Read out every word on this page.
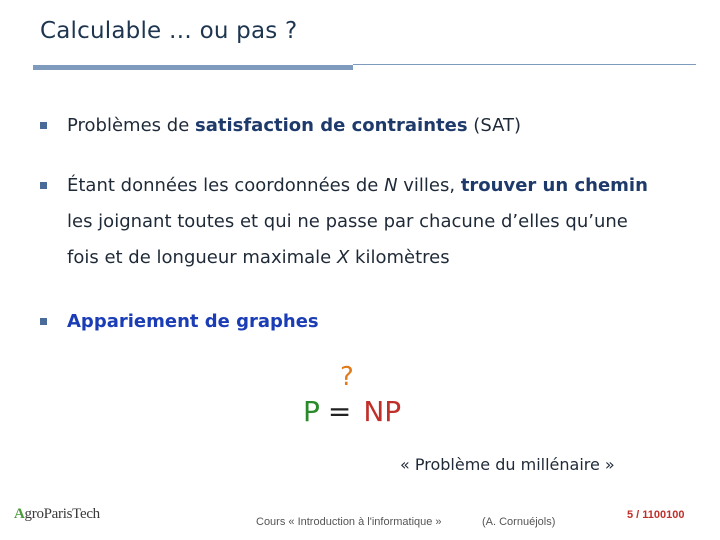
Calculable … ou pas ?
Problèmes de satisfaction de contraintes (SAT)
Étant données les coordonnées de N villes, trouver un chemin
les joignant toutes et qui ne passe par chacune d’elles qu’une
fois et de longueur maximale X kilomètres
Appariement de graphes
?
P = NP
« Problème du millénaire »
AgroParisTech	Cours « Introduction à l'informatique »	(A. Cornuéjols)
5 / 1100100
